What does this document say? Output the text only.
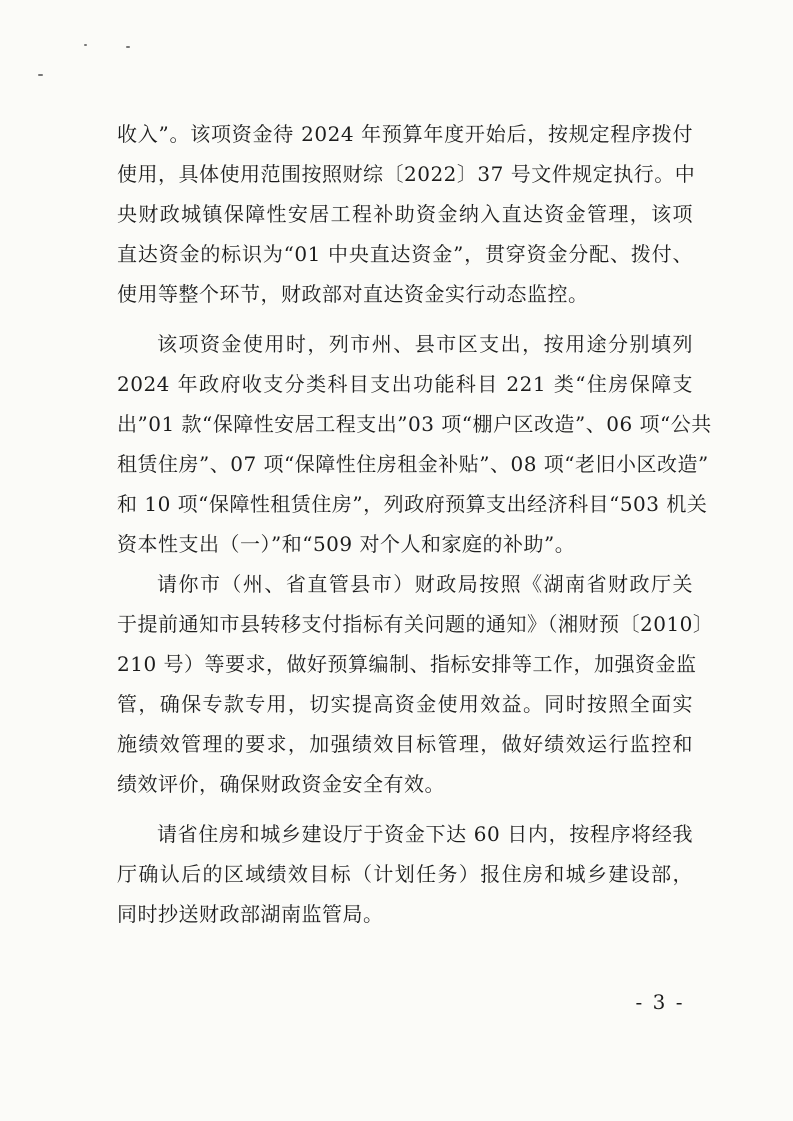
收入”。该项资金待 2024 年预算年度开始后，按规定程序拨付
使用，具体使用范围按照财综〔2022〕37 号文件规定执行。中
央财政城镇保障性安居工程补助资金纳入直达资金管理，该项
直达资金的标识为“01 中央直达资金”，贯穿资金分配、拨付、
使用等整个环节，财政部对直达资金实行动态监控。
该项资金使用时，列市州、县市区支出，按用途分别填列
2024 年政府收支分类科目支出功能科目 221 类“住房保障支
出”01 款“保障性安居工程支出”03 项“棚户区改造”、06 项“公共
租赁住房”、07 项“保障性住房租金补贴”、08 项“老旧小区改造”
和 10 项“保障性租赁住房”，列政府预算支出经济科目“503 机关
资本性支出（一）”和“509 对个人和家庭的补助”。
请你市（州、省直管县市）财政局按照《湖南省财政厅关
于提前通知市县转移支付指标有关问题的通知》（湘财预〔2010〕
210 号）等要求，做好预算编制、指标安排等工作，加强资金监
管，确保专款专用，切实提高资金使用效益。同时按照全面实
施绩效管理的要求，加强绩效目标管理，做好绩效运行监控和
绩效评价，确保财政资金安全有效。
请省住房和城乡建设厅于资金下达 60 日内，按程序将经我
厅确认后的区域绩效目标（计划任务）报住房和城乡建设部，
同时抄送财政部湖南监管局。
- 3 -
